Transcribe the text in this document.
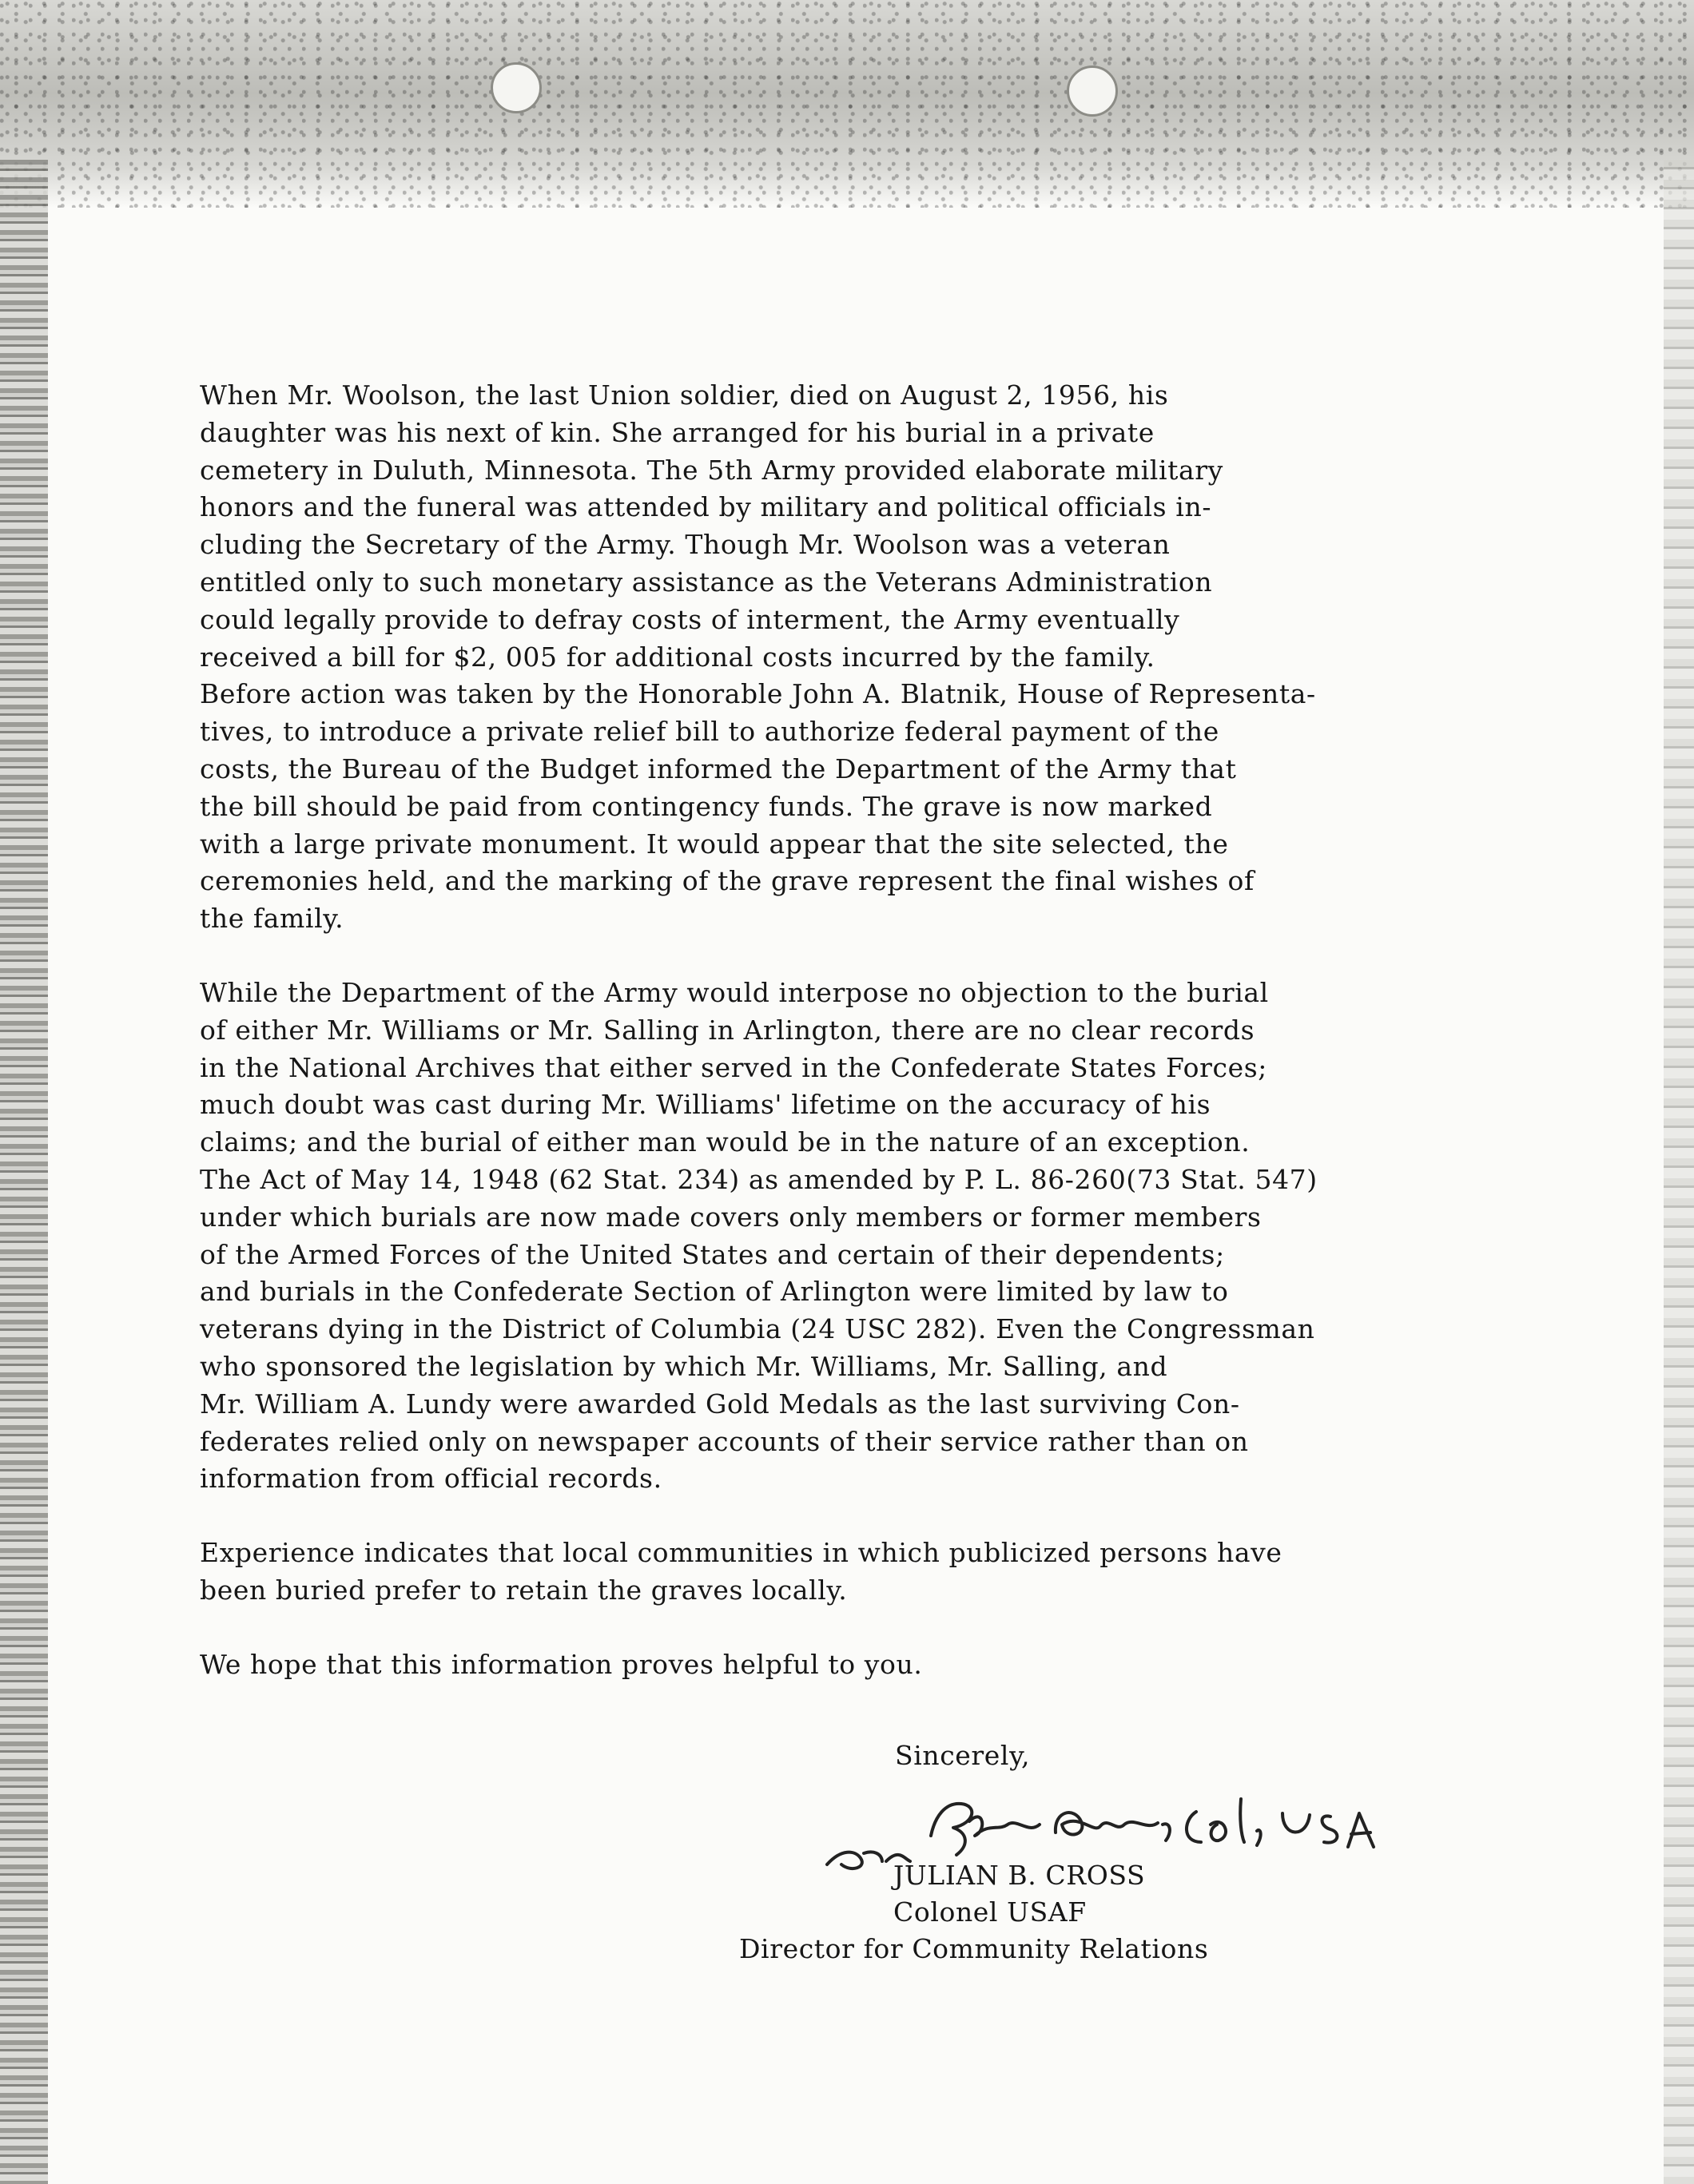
When Mr. Woolson, the last Union soldier, died on August 2, 1956, his
daughter was his next of kin. She arranged for his burial in a private
cemetery in Duluth, Minnesota. The 5th Army provided elaborate military
honors and the funeral was attended by military and political officials in-
cluding the Secretary of the Army. Though Mr. Woolson was a veteran
entitled only to such monetary assistance as the Veterans Administration
could legally provide to defray costs of interment, the Army eventually
received a bill for $2, 005 for additional costs incurred by the family.
Before action was taken by the Honorable John A. Blatnik, House of Representa-
tives, to introduce a private relief bill to authorize federal payment of the
costs, the Bureau of the Budget informed the Department of the Army that
the bill should be paid from contingency funds. The grave is now marked
with a large private monument. It would appear that the site selected, the
ceremonies held, and the marking of the grave represent the final wishes of
the family.
While the Department of the Army would interpose no objection to the burial
of either Mr. Williams or Mr. Salling in Arlington, there are no clear records
in the National Archives that either served in the Confederate States Forces;
much doubt was cast during Mr. Williams' lifetime on the accuracy of his
claims; and the burial of either man would be in the nature of an exception.
The Act of May 14, 1948 (62 Stat. 234) as amended by P. L. 86-260(73 Stat. 547)
under which burials are now made covers only members or former members
of the Armed Forces of the United States and certain of their dependents;
and burials in the Confederate Section of Arlington were limited by law to
veterans dying in the District of Columbia (24 USC 282). Even the Congressman
who sponsored the legislation by which Mr. Williams, Mr. Salling, and
Mr. William A. Lundy were awarded Gold Medals as the last surviving Con-
federates relied only on newspaper accounts of their service rather than on
information from official records.
Experience indicates that local communities in which publicized persons have
been buried prefer to retain the graves locally.
We hope that this information proves helpful to you.
Sincerely,
JULIAN B. CROSS
Colonel USAF
Director for Community Relations
